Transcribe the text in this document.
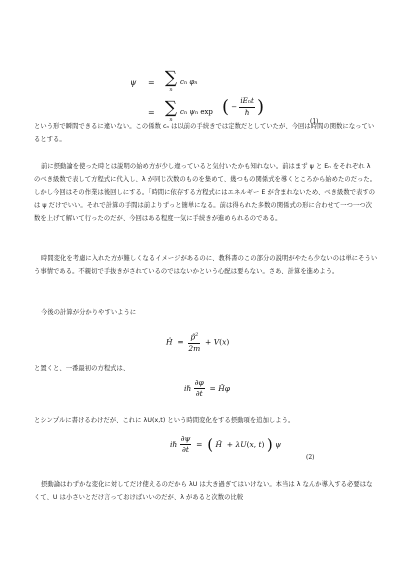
ψ = ∑
n
cn φn
= ∑
n
cn ψn exp ( − $\frac{\text{iEnt}}{\text{ℏ}}$ )
(1)

という形で瞬間できるに違いない。この係数 cₙ は以前の手続きでは定数だとしていたが、今回は時間の関数になっているとする。

前に摂動論を使った時とは説明の始め方が少し違っていると気付いたかも知れない。前はまず ψ と Eₙ をそれぞれ λ のべき級数で表して方程式に代入し、λ が同じ次数のものを集めて、幾つもの関係式を導くところから始めたのだった。しかし今回はその作業は後回しにする。「時間に依存する方程式にはエネルギー E が含まれないため、べき級数で表すのは ψ だけでいい。それで計算の手間は前よりずっと簡単になる。前は得られた多数の関係式の形に合わせて一つ一つ次数を上げて解いて行ったのだが、今回はある程度一気に手続きが進められるのである。

時間変化を考慮に入れた方が難しくなるイメージがあるのに、教科書のこの部分の説明がやたら少ないのは単にそういう事情である。不親切で手抜きがされているのではないかという心配は要らない。さあ、計算を進めよう。

今後の計算が分かりやすいように

Ĥ  = $\frac{p̂^2}{2m} + V(x)$

と置くと、一番最初の方程式は、

iℏ $\frac{\partial\varphi}{\partial t}$ = Ĥφ

とシンプルに書けるわけだが、これに λU(x,t) という時間変化をする摂動項を追加しよう。

iℏ $\frac{\partial\psi}{\partial t}$ =  ( Ĥ  + λU(x, t) ) ψ
(2)

摂動論はわずかな変化に対してだけ使えるのだから λU は大き過ぎてはいけない。本当は λ なんか導入する必要はなくて、U は小さいとだけ言っておけばいいのだが、λ があると次数の比較
